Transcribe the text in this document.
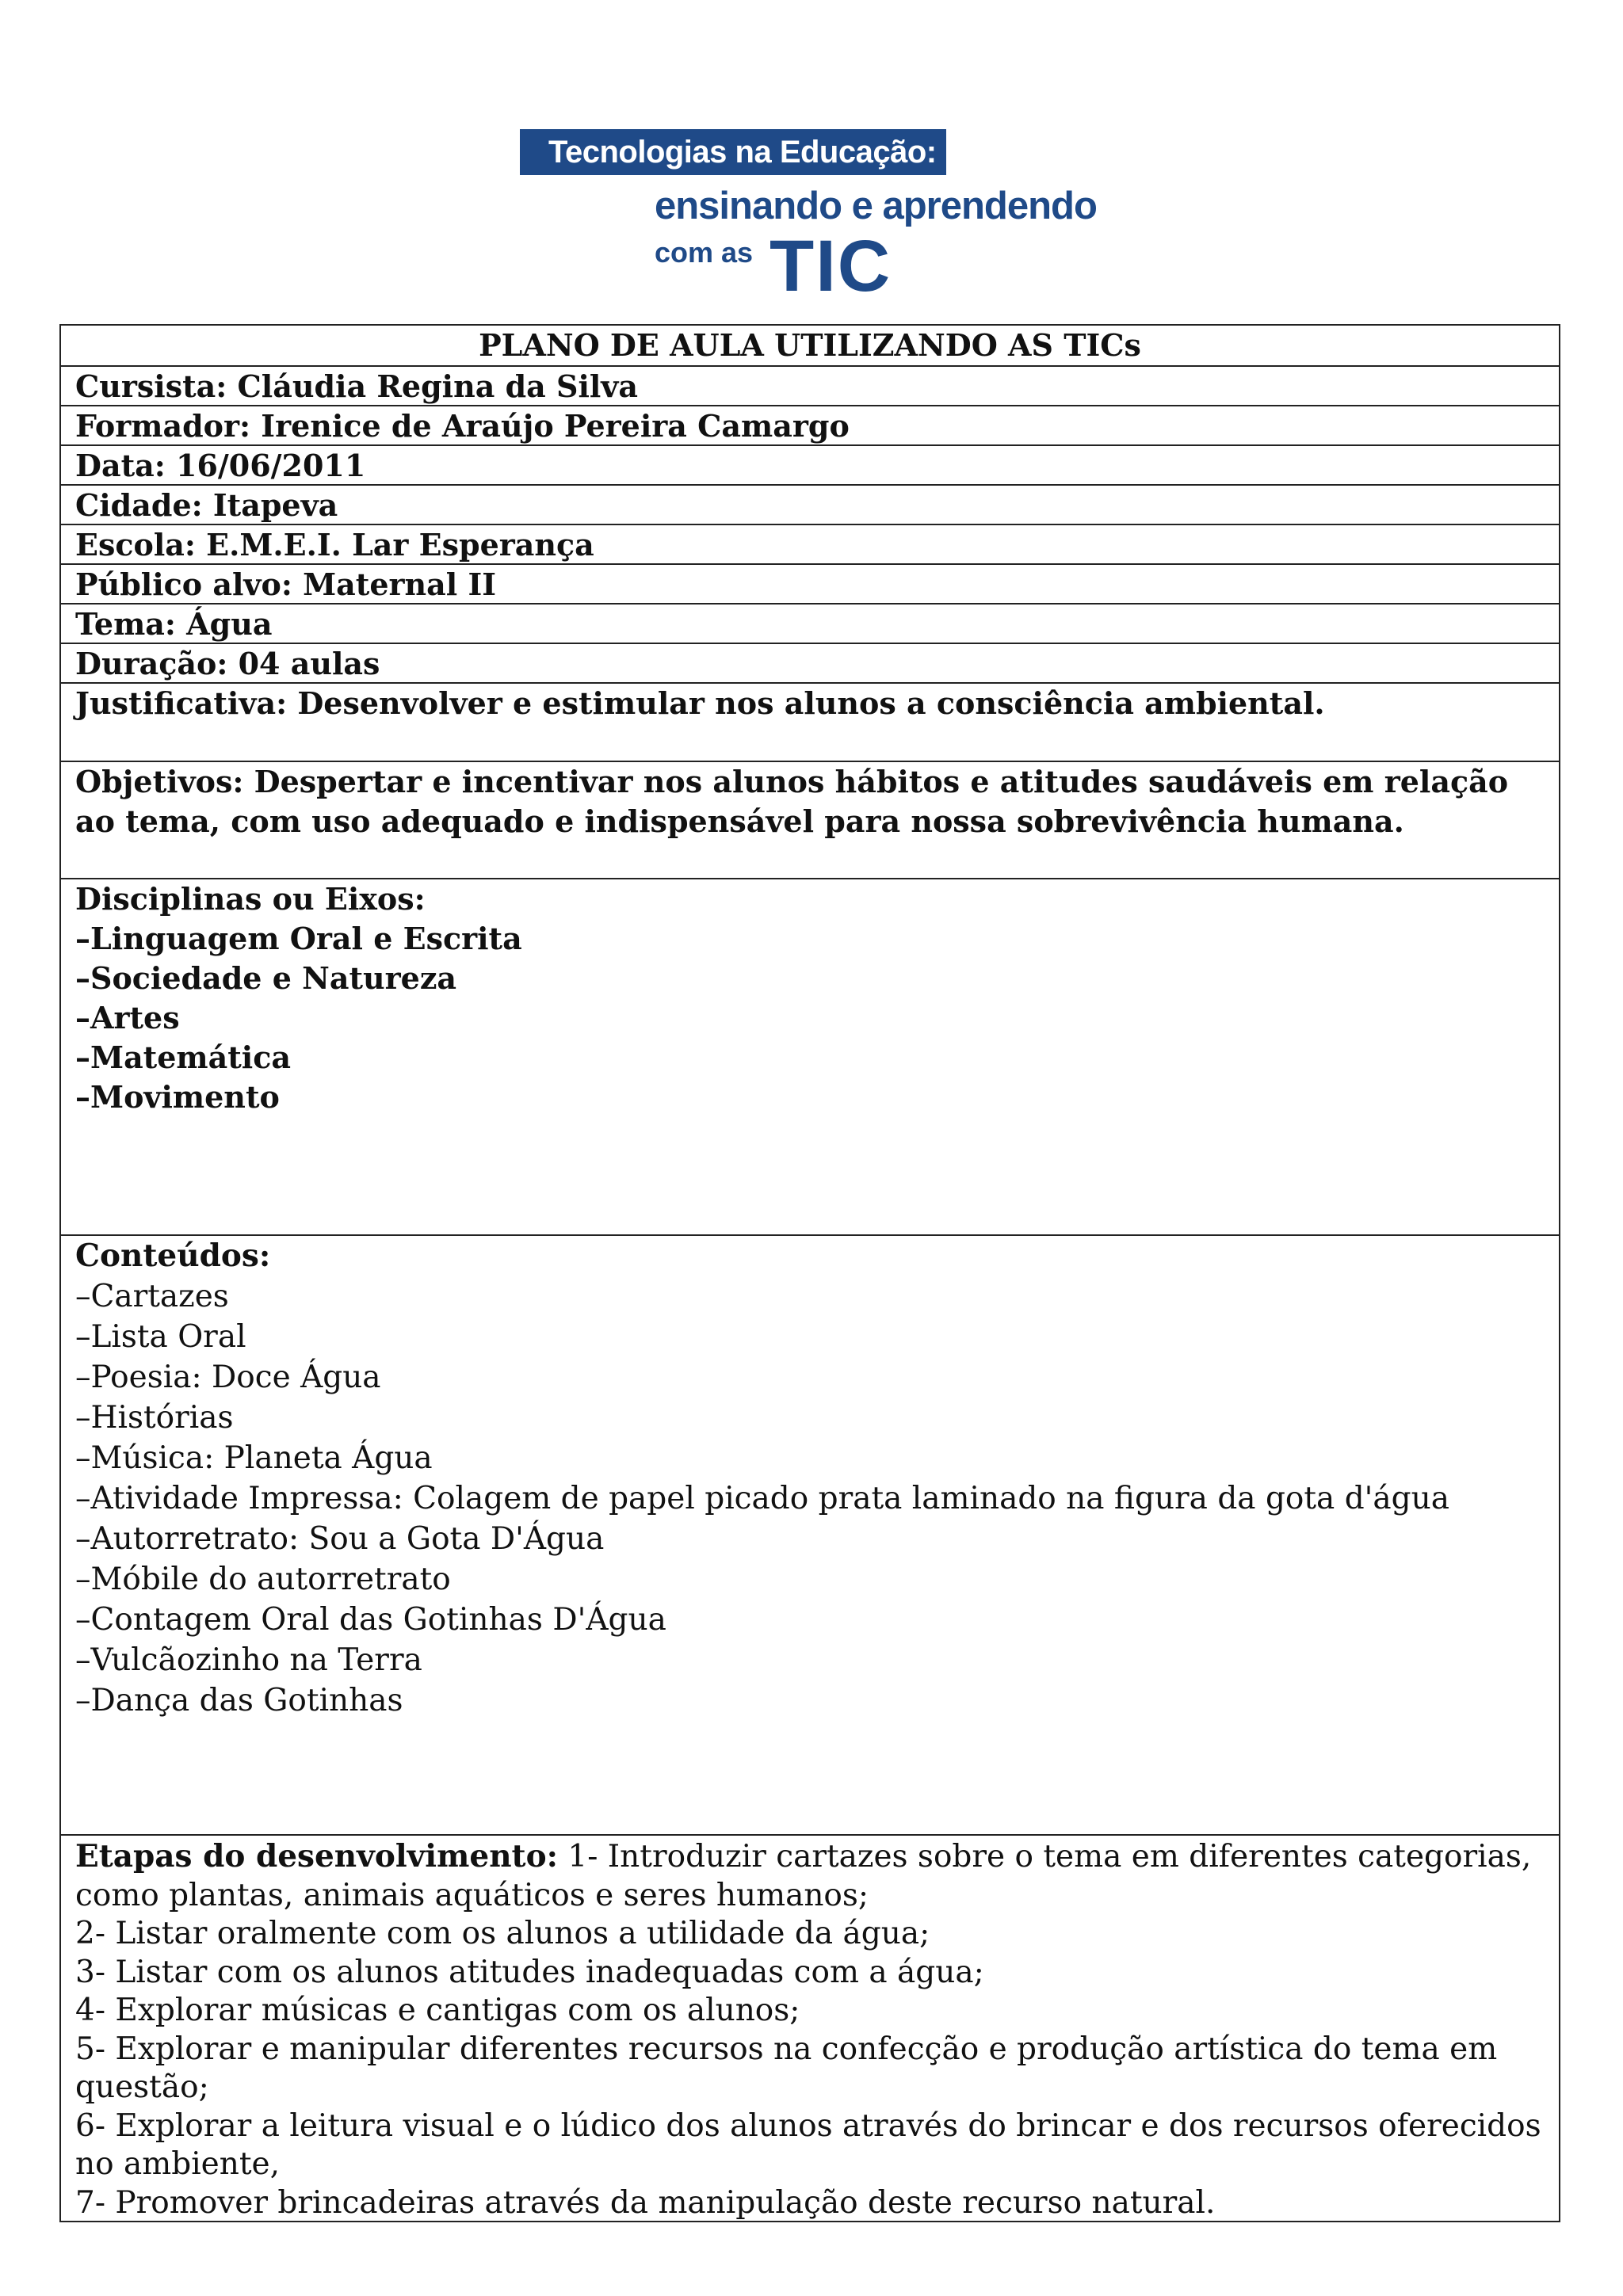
Tecnologias na Educação:
ensinando e aprendendo
com as TIC
PLANO DE AULA UTILIZANDO AS TICs
Cursista: Cláudia Regina da Silva
Formador: Irenice de Araújo Pereira Camargo
Data: 16/06/2011
Cidade: Itapeva
Escola: E.M.E.I. Lar Esperança
Público alvo: Maternal II
Tema: Água
Duração: 04 aulas
Justificativa: Desenvolver e estimular nos alunos a consciência ambiental.
Objetivos: Despertar e incentivar nos alunos hábitos e atitudes saudáveis em relação ao tema, com uso adequado e indispensável para nossa sobrevivência humana.
Disciplinas ou Eixos:
–Linguagem Oral e Escrita
–Sociedade e Natureza
–Artes
–Matemática
–Movimento
Conteúdos:
–Cartazes
–Lista Oral
–Poesia: Doce Água
–Histórias
–Música: Planeta Água
–Atividade Impressa: Colagem de papel picado prata laminado na figura da gota d'água
–Autorretrato: Sou a Gota D'Água
–Móbile do autorretrato
–Contagem Oral das Gotinhas D'Água
–Vulcãozinho na Terra
–Dança das Gotinhas
Etapas do desenvolvimento: 1- Introduzir cartazes sobre o tema em diferentes categorias, como plantas, animais aquáticos e seres humanos;
2- Listar oralmente com os alunos a utilidade da água;
3- Listar com os alunos atitudes inadequadas com a água;
4- Explorar músicas e cantigas com os alunos;
5- Explorar e manipular diferentes recursos na confecção e produção artística do tema em questão;
6- Explorar a leitura visual e o lúdico dos alunos através do brincar e dos recursos oferecidos no ambiente,
7- Promover brincadeiras através da manipulação deste recurso natural.
